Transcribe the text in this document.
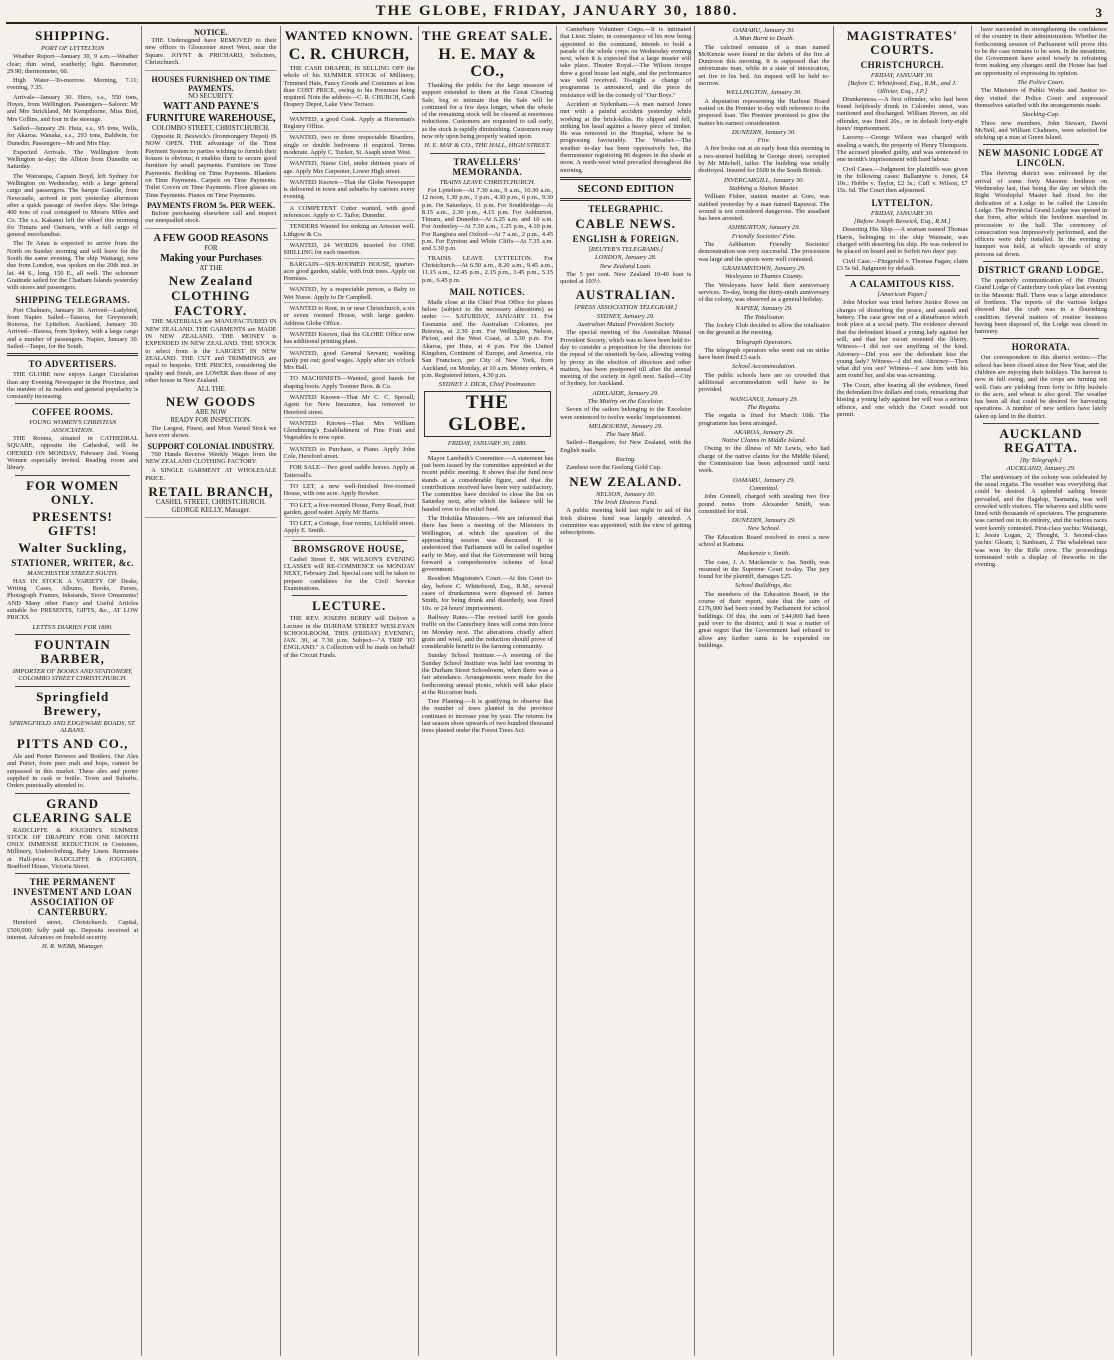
THE GLOBE, FRIDAY, JANUARY 30, 1880.	3
SHIPPING.
PORT OF LYTTELTON

Weather Report—January 30, 9 a.m.—Weather clear; thin wind, southerly; light. Barometer, 29.90; thermometer, 60.

High Water—To-morrow. Morning, 7.11; evening, 7.35.

Arrivals—January 30. Hero, s.s., 550 tons, Hoyes, from Wellington. Passengers—Saloon: Mr and Mrs Strickland, Mr Kempthorne, Miss Bird, Mrs Collins, and four in the steerage.

Sailed—January 29. Huia, s.s., 95 tons, Wells, for Akaroa. Wanaka, s.s., 293 tons, Baldwin, for Dunedin. Passengers—Mr and Mrs Hay.

Expected Arrivals. The Wellington from Wellington to-day; the Albion from Dunedin on Saturday.

The Wairarapa, Captain Boyd, left Sydney for Wellington on Wednesday, with a large general cargo and passengers. The barque Gazelle, from Newcastle, arrived in port yesterday afternoon after a quick passage of twelve days. She brings 400 tons of coal consigned to Messrs Miles and Co. The s.s. Kakanui left the wharf this morning for Timaru and Oamaru, with a full cargo of general merchandise.

The Te Anau is expected to arrive from the North on Sunday morning and will leave for the South the same evening. The ship Waitangi, now due from London, was spoken on the 20th inst. in lat. 44 S., long. 150 E., all well. The schooner Gratitude sailed for the Chatham Islands yesterday with stores and passengers.

SHIPPING TELEGRAMS.

Port Chalmers, January 30. Arrived—Ladybird, from Napier. Sailed—Taiaroa, for Greymouth; Rotorua, for Lyttelton. Auckland, January 30. Arrived—Hawea, from Sydney, with a large cargo and a number of passengers. Napier, January 30. Sailed—Taupo, for the South.

TO ADVERTISERS.

THE GLOBE now enjoys Larger Circulation than any Evening Newspaper in the Province, and the number of its readers and general popularity is constantly increasing.

COFFEE ROOMS.
YOUNG WOMEN'S CHRISTIAN ASSOCIATION.

THE Rooms, situated in CATHEDRAL SQUARE, opposite the Cathedral, will be OPENED ON MONDAY, February 2nd. Young Women especially invited. Reading room and library.

FOR WOMEN ONLY.
PRESENTS! GIFTS!
Walter Suckling,
STATIONER, WRITER, &c.
MANCHESTER STREET SOUTH.

HAS IN STOCK A VARIETY OF Desks, Writing Cases, Albums, Books, Purses, Photograph Frames, Inkstands, Stove Ornaments! AND Many other Fancy and Useful Articles suitable for PRESENTS, GIFTS, &c., AT LOW PRICES.

LETTS'S DIARIES FOR 1880.
FOUNTAIN BARBER,
IMPORTER OF BOOKS AND STATIONERY, COLOMBO STREET CHRISTCHURCH.
Springfield Brewery,
SPRINGFIELD AND EDGEWARE ROADS, ST. ALBANS.
PITTS AND CO.,

Ale and Porter Brewers and Bottlers. Our Ales and Porter, from pure malt and hops, cannot be surpassed in this market. These ales and porter supplied in cask or bottle. Town and Suburbs. Orders punctually attended to.

GRAND CLEARING SALE

RADCLIFFE & JOUGHIN'S SUMMER STOCK OF DRAPERY FOR ONE MONTH ONLY. IMMENSE REDUCTION in Costumes, Millinery, Underclothing, Baby Linen. Remnants at Half-price. RADCLIFFE & JOUGHIN, Bradford House, Victoria Street.

THE PERMANENT INVESTMENT AND LOAN ASSOCIATION OF CANTERBURY.

Hereford street, Christchurch. Capital, £500,000; fully paid up. Deposits received at interest. Advances on freehold security.

H. R. WEBB, Manager.
NOTICE.

THE Undersigned have REMOVED to their new offices in Gloucester street West, near the Square. JOYNT & PRICHARD, Solicitors, Christchurch.

HOUSES FURNISHED ON TIME PAYMENTS.
NO SECURITY.
WATT AND PAYNE'S FURNITURE WAREHOUSE,
COLOMBO STREET, CHRISTCHURCH.

Opposite R. Beswick's (Ironmongery Depot) IS NOW OPEN. THE advantage of the Time Payment System to parties wishing to furnish their houses is obvious; it enables them to secure good furniture by small payments. Furniture on Time Payments. Bedding on Time Payments. Blankets on Time Payments. Carpets on Time Payments. Toilet Covers on Time Payments. Floor glasses on Time Payments. Pianos on Time Payments.

PAYMENTS FROM 5s. PER WEEK.

Before purchasing elsewhere call and inspect our unequalled stock.

A FEW GOOD REASONS
FOR
Making your Purchases
AT THE
New Zealand
CLOTHING FACTORY.

THE MATERIALS are MANUFACTURED IN NEW ZEALAND. THE GARMENTS are MADE IN NEW ZEALAND. THE MONEY is EXPENDED IN NEW ZEALAND. THE STOCK to select from is the LARGEST IN NEW ZEALAND. THE CUT and TRIMMINGS are equal to bespoke. THE PRICES, considering the quality and finish, are LOWER than those of any other house in New Zealand.

ALL THE
NEW GOODS
ARE NOW
READY FOR INSPECTION.

The Largest, Finest, and Most Varied Stock we have ever shown.

SUPPORT COLONIAL INDUSTRY.

700 Hands Receive Weekly Wages from the NEW ZEALAND CLOTHING FACTORY.

A SINGLE GARMENT AT WHOLESALE PRICE.

RETAIL BRANCH,
CASHEL STREET, CHRISTCHURCH.
GEORGE KELLY, Manager.
WANTED KNOWN.
C. R. CHURCH,

THE CASH DRAPER, IS SELLING OFF the whole of his SUMMER STOCK of Millinery, Trimmed Hats, Fancy Goods and Costumes at less than COST PRICE, owing to his Premises being required. Note the address—C. R. CHURCH, Cash Drapery Depot, Lake View Terrace.

WANTED, a good Cook. Apply at Horneman's Registry Office.

WANTED, two or three respectable Boarders, single or double bedrooms if required. Terms moderate. Apply C. Tucker, St. Asaph street West.

WANTED, Nurse Girl, under thirteen years of age. Apply Mrs Carpenter, Lower High street.

WANTED Known—That the Globe Newspaper is delivered in town and suburbs by carriers every evening.

A COMPETENT Cutter wanted, with good references. Apply to C. Tailor, Dunedin.

TENDERS Wanted for sinking an Artesian well. Lithgow & Co.

WANTED, 24 WORDS inserted for ONE SHILLING for each insertion.

BARGAIN—SIX-ROOMED HOUSE, quarter-acre good garden, stable, with fruit trees. Apply on Premises.

WANTED, by a respectable person, a Baby to Wet Nurse. Apply to Dr Campbell.

WANTED to Rent, in or near Christchurch, a six or seven roomed House, with large garden. Address Globe Office.

WANTED Known, that the GLOBE Office now has additional printing plant.

WANTED, good General Servant; washing partly put out; good wages. Apply after six o'clock Mrs Hall.

TO MACHINISTS—Wanted, good hands for shaping boots. Apply Toomer Bros. & Co.

WANTED Known—That Mr C. C. Sproull, Agent for New Insurance, has removed to Hereford street.

WANTED Known—That Mrs William Glendinning's Establishment of Fine Fruit and Vegetables is now open.

WANTED to Purchase, a Piano. Apply John Cole, Hereford street.

FOR SALE—Two good saddle horses. Apply at Tattersall's.

TO LET, a new well-finished five-roomed House, with one acre. Apply Bowker.

TO LET, a five-roomed House, Ferry Road, fruit garden, good water. Apply Mr Harris.

TO LET, a Cottage, four rooms, Lichfield street. Apply E. Smith.

BROMSGROVE HOUSE,

Cashel Street E. MR WILSON'S EVENING CLASSES will RE-COMMENCE on MONDAY NEXT, February 2nd. Special care will be taken to prepare candidates for the Civil Service Examinations.

LECTURE.

THE REV. JOSEPH BERRY will Deliver a Lecture in the DURHAM STREET WESLEYAN SCHOOLROOM, THIS (FRIDAY) EVENING, JAN. 30, at 7.30 p.m. Subject—"A TRIP TO ENGLAND." A Collection will be made on behalf of the Circuit Funds.

THE GREAT SALE.
H. E. MAY & CO.,

Thanking the public for the large measure of support extended to them at the Great Clearing Sale, beg to intimate that the Sale will be continued for a few days longer, when the whole of the remaining stock will be cleared at enormous reductions. Customers are requested to call early, as the stock is rapidly diminishing. Customers may now rely upon being properly waited upon.

H. E. MAY & CO., THE HALL, HIGH STREET.
TRAVELLERS' MEMORANDA.
TRAINS LEAVE CHRISTCHURCH.

For Lyttelton—At 7.30 a.m., 9 a.m., 10.30 a.m., 12 noon, 1.30 p.m., 3 p.m., 4.30 p.m., 6 p.m., 9.30 p.m. On Saturdays, 11 p.m. For Southbridge—At 8.15 a.m., 2.30 p.m., 4.15 p.m. For Ashburton, Timaru, and Dunedin—At 6.25 a.m. and 10 a.m. For Amberley—At 7.30 a.m., 1.25 p.m., 4.10 p.m. For Rangiora and Oxford—At 7 a.m., 2 p.m., 4.45 p.m. For Eyreton and White Cliffs—At 7.35 a.m. and 3.30 p.m.

TRAINS LEAVE LYTTELTON. For Christchurch—At 6.50 a.m., 8.20 a.m., 9.45 a.m., 11.15 a.m., 12.45 p.m., 2.15 p.m., 3.45 p.m., 5.15 p.m., 6.45 p.m.

MAIL NOTICES.

Mails close at the Chief Post Office for places below (subject to the necessary alterations) as under :— SATURDAY, JANUARY 31. For Tasmania and the Australian Colonies, per Rotorua, at 2.30 p.m. For Wellington, Nelson, Picton, and the West Coast, at 3.30 p.m. For Akaroa, per Huia, at 4 p.m. For the United Kingdom, Continent of Europe, and America, via San Francisco, per City of New York, from Auckland, on Monday, at 10 a.m. Money orders, 4 p.m. Registered letters, 4.30 p.m.

SYDNEY J. DICK, Chief Postmaster.
THE GLOBE.
FRIDAY, JANUARY 30, 1880.

Mayor Lambeth's Committee.—A statement has just been issued by the committee appointed at the recent public meeting. It shows that the fund now stands at a considerable figure, and that the contributions received have been very satisfactory. The committee have decided to close the list on Saturday next, after which the balance will be handed over to the relief fund.

The Hokitika Ministers.—We are informed that there has been a meeting of the Ministers in Wellington, at which the question of the approaching session was discussed. It is understood that Parliament will be called together early in May, and that the Government will bring forward a comprehensive scheme of local government.

Resident Magistrate's Court.—At this Court to-day, before C. Whitefoord, Esq., R.M., several cases of drunkenness were disposed of. James Smith, for being drunk and disorderly, was fined 10s. or 24 hours' imprisonment.

Railway Rates.—The revised tariff for goods traffic on the Canterbury lines will come into force on Monday next. The alterations chiefly affect grain and wool, and the reduction should prove of considerable benefit to the farming community.

Sunday School Institute.—A meeting of the Sunday School Institute was held last evening in the Durham Street Schoolroom, when there was a fair attendance. Arrangements were made for the forthcoming annual picnic, which will take place at the Riccarton bush.

Tree Planting.—It is gratifying to observe that the number of trees planted in the province continues to increase year by year. The returns for last season show upwards of two hundred thousand trees planted under the Forest Trees Act.

Canterbury Volunteer Corps.—It is intimated that Lieut. Slater, in consequence of his now being appointed to the command, intends to hold a parade of the whole corps on Wednesday evening next, when it is expected that a large muster will take place. Theatre Royal.—The Wilson troupe drew a good house last night, and the performance was well received. To-night a change of programme is announced, and the piece de resistance will be the comedy of "Our Boys."

Accident at Sydenham.—A man named Jones met with a painful accident yesterday while working at the brick-kilns. He slipped and fell, striking his head against a heavy piece of timber. He was removed to the Hospital, where he is progressing favourably. The Weather.—The weather to-day has been oppressively hot, the thermometer registering 86 degrees in the shade at noon. A north-west wind prevailed throughout the morning.

SECOND EDITION
TELEGRAPHIC.
CABLE NEWS.
ENGLISH & FOREIGN.
[REUTER'S TELEGRAMS.]
LONDON, January 28.
New Zealand Loan.

The 5 per cent. New Zealand 10-40 loan is quoted at 103½.

AUSTRALIAN.
[PRESS ASSOCIATION TELEGRAM.]
SYDNEY, January 29.
Australian Mutual Provident Society

The special meeting of the Australian Mutual Provident Society, which was to have been held to-day to consider a proposition by the directors for the repeal of the ninetieth by-law, allowing voting by proxy in the election of directors and other matters, has been postponed till after the annual meeting of the society in April next. Sailed—City of Sydney, for Auckland.

ADELAIDE, January 29.
The Mutiny on the Excelsior.

Seven of the sailors belonging to the Excelsior were sentenced to twelve weeks' imprisonment.

MELBOURNE, January 29.
The Suez Mail.

Sailed—Bangalore, for New Zealand, with the English mails.

Racing.

Zambesi won the Geelong Gold Cup.

NEW ZEALAND.
NELSON, January 30.
The Irish Distress Fund.

A public meeting held last night in aid of the Irish distress fund was largely attended. A committee was appointed, with the view of getting subscriptions.

OAMARU, January 30.
A Man Burnt to Death.

The calcined remains of a man named McKenzie were found in the debris of the fire at Duntroon this morning. It is supposed that the unfortunate man, while in a state of intoxication, set fire to his bed. An inquest will be held to-morrow.

WELLINGTON, January 30.

A deputation representing the Harbour Board waited on the Premier to-day with reference to the proposed loan. The Premier promised to give the matter his earnest consideration.

DUNEDIN, January 30.
Fire.

A fire broke out at an early hour this morning in a two-storied building in George street, occupied by Mr Mitchell, tailor. The building was totally destroyed. Insured for £600 in the South British.

INVERCARGILL, January 30.
Stabbing a Station Master.

William Fisher, station master at Gore, was stabbed yesterday by a man named Rapuwai. The wound is not considered dangerous. The assailant has been arrested.

ASHBURTON, January 29.
Friendly Societies' Fete.

The Ashburton Friendly Societies' demonstration was very successful. The procession was large and the sports were well contested.

GRAHAMSTOWN, January 29.
Wesleyans in Thames County.

The Wesleyans have held their anniversary services. To-day, being the thirty-ninth anniversary of the colony, was observed as a general holiday.

NAPIER, January 29.
The Totalisator.

The Jockey Club decided to allow the totalisator on the ground at the meeting.

Telegraph Operators.

The telegraph operators who went out on strike have been fined £3 each.

School Accommodation.

The public schools here are so crowded that additional accommodation will have to be provided.

WANGANUI, January 29.
The Regatta.

The regatta is fixed for March 10th. The programme has been arranged.

AKAROA, January 29.
Native Claims in Middle Island.

Owing to the illness of Mr Lewis, who had charge of the native claims for the Middle Island, the Commission has been adjourned until next week.

OAMARU, January 29.
Committal.

John Connell, charged with stealing two five pound notes from Alexander Smith, was committed for trial.

DUNEDIN, January 29.
New School.

The Education Board resolved to erect a new school at Kaituna.

Mackenzie v. Smith.

The case, J. A. Mackenzie v. Jas. Smith, was resumed in the Supreme Court to-day. The jury found for the plaintiff, damages £25.

School Buildings, &c.

The members of the Education Board, in the course of their report, state that the sum of £176,000 had been voted by Parliament for school buildings. Of this, the sum of £44,000 had been paid over to the district, and it was a matter of great regret that the Government had refused to allow any further sums to be expended on buildings.

MAGISTRATES' COURTS.
CHRISTCHURCH.
FRIDAY, JANUARY 30.
[Before C. Whitefoord, Esq., R.M., and J. Ollivier, Esq., J.P.]

Drunkenness.—A first offender, who had been found helplessly drunk in Colombo street, was cautioned and discharged. William Brown, an old offender, was fined 20s., or in default forty-eight hours' imprisonment.

Larceny.—George Wilson was charged with stealing a watch, the property of Henry Thompson. The accused pleaded guilty, and was sentenced to one month's imprisonment with hard labour.

Civil Cases.—Judgment for plaintiffs was given in the following cases: Ballantyne v. Jones, £4 10s.; Hobbs v. Taylor, £2 3s.; Cuff v. Wilson, £7 15s. 6d. The Court then adjourned.

LYTTELTON.
FRIDAY, JANUARY 30.
[Before Joseph Beswick, Esq., R.M.]

Deserting His Ship.—A seaman named Thomas Harris, belonging to the ship Waimate, was charged with deserting his ship. He was ordered to be placed on board and to forfeit two days' pay.

Civil Case.—Fitzgerald v. Thomas Fagan; claim £3 5s 6d. Judgment by default.

A CALAMITOUS KISS.
[American Paper.]

John Mocker was tried before Justice Rowe on charges of disturbing the peace, and assault and battery. The case grew out of a disturbance which took place at a social party. The evidence showed that the defendant kissed a young lady against her will, and that her escort resented the liberty. Witness—I did not see anything of the kind. Attorney—Did you see the defendant kiss the young lady? Witness—I did not. Attorney—Then what did you see? Witness—I saw him with his arm round her, and she was screaming.

The Court, after hearing all the evidence, fined the defendant five dollars and costs, remarking that kissing a young lady against her will was a serious offence, and one which the Court would not permit.

have succeeded in strengthening the confidence of the country in their administration. Whether the forthcoming session of Parliament will prove this to be the case remains to be seen. In the meantime, the Government have acted wisely in refraining from making any changes until the House has had an opportunity of expressing its opinion.

The Police Court.

The Ministers of Public Works and Justice to-day visited the Police Court and expressed themselves satisfied with the arrangements made.

Stocking-Cap.

Three new members, John Stewart, David McNeil, and William Chalmers, were selected for sticking up a man at Green Island.

NEW MASONIC LODGE AT LINCOLN.

This thriving district was enlivened by the arrival of some forty Masonic brethren on Wednesday last, that being the day on which the Right Worshipful Master had fixed for the dedication of a Lodge to be called the Lincoln Lodge. The Provincial Grand Lodge was opened in due form, after which the brethren marched in procession to the hall. The ceremony of consecration was impressively performed, and the officers were duly installed. In the evening a banquet was held, at which upwards of sixty persons sat down.

DISTRICT GRAND LODGE.

The quarterly communication of the District Grand Lodge of Canterbury took place last evening in the Masonic Hall. There was a large attendance of brethren. The reports of the various lodges showed that the craft was in a flourishing condition. Several matters of routine business having been disposed of, the Lodge was closed in harmony.

HORORATA.

Our correspondent in this district writes:—The school has been closed since the New Year, and the children are enjoying their holidays. The harvest is now in full swing, and the crops are turning out well. Oats are yielding from forty to fifty bushels to the acre, and wheat is also good. The weather has been all that could be desired for harvesting operations. A number of new settlers have lately taken up land in the district.

AUCKLAND REGATTA.
[By Telegraph.]
AUCKLAND, January 29.

The anniversary of the colony was celebrated by the usual regatta. The weather was everything that could be desired. A splendid sailing breeze prevailed, and the flagship, Tasmania, was well crowded with visitors. The wharves and cliffs were lined with thousands of spectators. The programme was carried out in its entirety, and the various races were keenly contested. First-class yachts: Waitangi, 1; Jessie Logan, 2; Thought, 3. Second-class yachts: Gleam, 1; Sunbeam, 2. The whaleboat race was won by the Rifle crew. The proceedings terminated with a display of fireworks in the evening.
